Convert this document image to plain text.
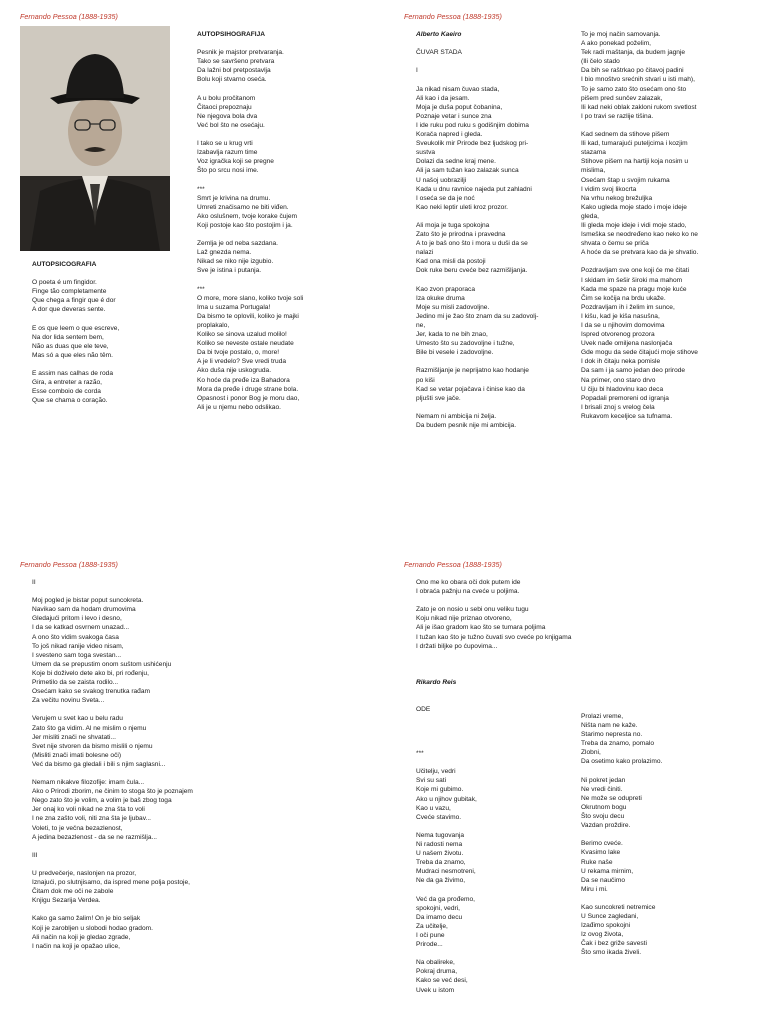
Fernando Pessoa (1888-1935)
AUTOPSIHOGRAFIJA
Pesnik je majstor pretvaranja.
Tako se savršeno pretvara
Da lažni bol pretpostavlja
Bolu koji stvarno oseća.
A u bolu pročitanom
Čitaoci prepoznaju
Ne njegova bola dva
Već bol što ne osećaju.
I tako se u krug vrti
Izabavlja razum time
Voz igračka koji se pregne
Što po srcu nosi ime.
***
Smrt je krivina na drumu.
Umreti značisamo ne biti viđen.
Ako oslušnem, tvoje korake čujem
Koji postoje kao što postojim i ja.
Zemlja je od neba sazdana.
Laž gnezda nema.
Nikad se niko nije izgubio.
Sve je istina i putanja.
***
O more, more slano, koliko tvoje soli
Ima u suzama Portugala!
Da bismo te oplovili, koliko je majki
proplakalo,
Koliko se sinova uzalud molilo!
Koliko se neveste ostale neudate
Da bi tvoje postalo, o, more!
A je li vredelo? Sve vredi truda
Ako duša nije uskogruda.
Ko hoće da pređe iza Bahadora
Mora da pređe i druge strane bola.
Opasnost i ponor Bog je moru dao,
Ali je u njemu nebo odslikao.
AUTOPSICOGRAFIA
O poeta é um fingidor.
Finge tão completamente
Que chega a fingir que é dor
A dor que deveras sente.
E os que leem o que escreve,
Na dor lida sentem bem,
Não as duas que ele teve,
Mas só a que eles não têm.
E assim nas calhas de roda
Gira, a entreter a razão,
Esse comboio de corda
Que se chama o coração.
Fernando Pessoa (1888-1935)
Alberto Kaeiro
ČUVAR STADA
I
Ja nikad nisam čuvao stada,
Ali kao i da jesam.
Moja je duša poput čobanina,
Poznaje vetar i sunce zna
I ide ruku pod ruku s godišnjim dobima
Koračа napred i gleda.
Sveukolik mir Prirode bez ljudskog pri-
sustva
Dolazi da sedne kraj mene.
Ali ja sam tužan kao zalazak sunca
U našoj uobrazilji
Kada u dnu ravnice najeda put zahladni
I oseća se da je noć
Kao neki leptir uleti kroz prozor.
Ali moja je tuga spokojna
Zato što je prirodna i pravedna
A to je baš ono što i mora u duši da se
nalazi
Kad ona misli da postoji
Dok ruke beru cveće bez razmišljanja.
Kao zvon praporaca
Iza okuke druma
Moje su misli zadovoljne.
Jedino mi je žao što znam da su zadovolj-
ne,
Jer, kada to ne bih znao,
Umesto što su zadovoljne i tužne,
Bile bi vesele i zadovoljne.
Razmišljanje je neprijatno kao hodanje
po kiši
Kad se vetar pojačava i činise kao da
pljušti sve jače.
Nemam ni ambicija ni želja.
Da budem pesnik nije mi ambicija.
To je moj način samovanja.
A ako ponekad poželim,
Tek radi maštanja, da budem jagnje
(Ili čelo stado
Da bih se raštrkao po čitavoj padini
I bio mnoštvo srećnih stvari u isti mah),
To je samo zato što osećam ono što
pišem pred sunčev zalazak,
Ili kad neki oblak zakloni rukom svetlost
I po travi se razlije tišina.
Kad sednem da stihove pišem
Ili kad, tumarajući puteljcima i kozjim
stazama
Stihove pišem na hartiji koja nosim u
mislima,
Osećam štap u svojim rukama
I vidim svoj likocrta
Na vrhu nekog brežuljka
Kako ugleda moje stado i moje ideje
gleda,
Ili gleda moje ideje i vidi moje stado,
Ismeška se neodređeno kao neko ko ne
shvata o čemu se priča
A hoće da se pretvara kao da je shvatio.
Pozdravljam sve one koji će me čitati
I skidam im šešir široki ma mahom
Kada me spaze na pragu moje kuće
Čim se kočija na brdu ukaže.
Pozdravljam ih i želim im sunce,
I kišu, kad je kiša nasušna,
I da se u njihovim domovima
Ispred otvorenog prozora
Uvek nađe omiljena naslonjača
Gde mogu da sede čitajući moje stihove
I dok ih čitaju neka pomisle
Da sam i ja samo jedan deo prirode
Na primer, ono staro drvo
U čiju bi hladovinu kao deca
Popadali premoreni od igranja
I brisali znoj s vrelog čela
Rukavom keceljice sa tufnama.
Fernando Pessoa (1888-1935)
II
Moj pogled je bistar poput suncokreta.
Navikao sam da hodam drumovima
Gledajući pritom i levo i desno,
I da se katkad osvrnem unazad...
A ono što vidim svakoga časa
To još nikad ranije video nisam,
I svesteno sam toga svestan...
Umem da se prepustim onom suštom ushićenju
Koje bi doživelo dete ako bi, pri rođenju,
Primetilo da se zaista rodilo...
Osećam kako se svakog trenutka rađam
Za večitu novinu Sveta...
Verujem u svet kao u belu radu
Zato što ga vidim. Al ne mislim o njemu
Jer misliti znači ne shvatati...
Svet nije stvoren da bismo mislili o njemu
(Misliti znači imati bolesne oči)
Već da bismo ga gledali i bili s njim saglasni...
Nemam nikakve filozofije: imam čula...
Ako o Prirodi zborim, ne činim to stoga što je poznajem
Nego zato što je volim, a volim je baš zbog toga
Jer onaj ko voli nikad ne zna šta to voli
I ne zna zašto voli, niti zna šta je ljubav...
Voleti, to je večna bezazlenost,
A jedina bezazlenost - da se ne razmišlja...
III
U predvečerje, naslonjen na prozor,
Iznajući, po slutnjisamo, da ispred mene polja postoje,
Čitam dok me oči ne zabole
Knjigu Sezarija Verdea.
Kako ga samo žalim! On je bio seljak
Koji je zarobljen u slobodi hodao gradom.
Ali način na koji je gledao zgrade,
I način na koji je opažao ulice,
Fernando Pessoa (1888-1935)
Ono me ko obara oči dok putem ide
I obraća pažnju na cveće u poljima.
Zato je on nosio u sebi onu veliku tugu
Koju nikad nije priznao otvoreno,
Ali je išao gradom kao što se tumara poljima
I tužan kao što je tužno čuvati svo cveće po knjigama
I držati biljke po ćupovima...
Rikardo Reis
ODE
***
Učitelju, vedri
Svi su sati
Koje mi gubimo.
Ako u njihov gubitak,
Kao u vazu,
Cveće stavimo.
Nema tugovanja
Ni radosti nema
U našem životu.
Treba da znamo,
Mudraci nesmotreni,
Ne da ga živimo,
Već da ga prođemo,
spokojni, vedri,
Da imamo decu
Za učitelje,
I oči pune
Prirode...
Na obalireke,
Pokraj druma,
Kako se već desi,
Uvek u istom
Prolazi vreme,
Ništa nam ne kaže.
Starimo nepresta no.
Treba da znamo, pomalo
Zlobni,
Da osetimo kako prolazimo.
Ni pokret jedan
Ne vredi činiti.
Ne može se odupreti
Okrutnom bogu
Što svoju decu
Vazdan proždire.
Berimo cveće.
Kvasimo lake
Ruke naše
U rekama mirnim,
Da se naučimo
Miru i mi.
Kao suncokreti netremice
U Sunce zagledani,
Izađimo spokojni
Iz ovog života,
Čak i bez griže savesti
Što smo ikada živeli.
